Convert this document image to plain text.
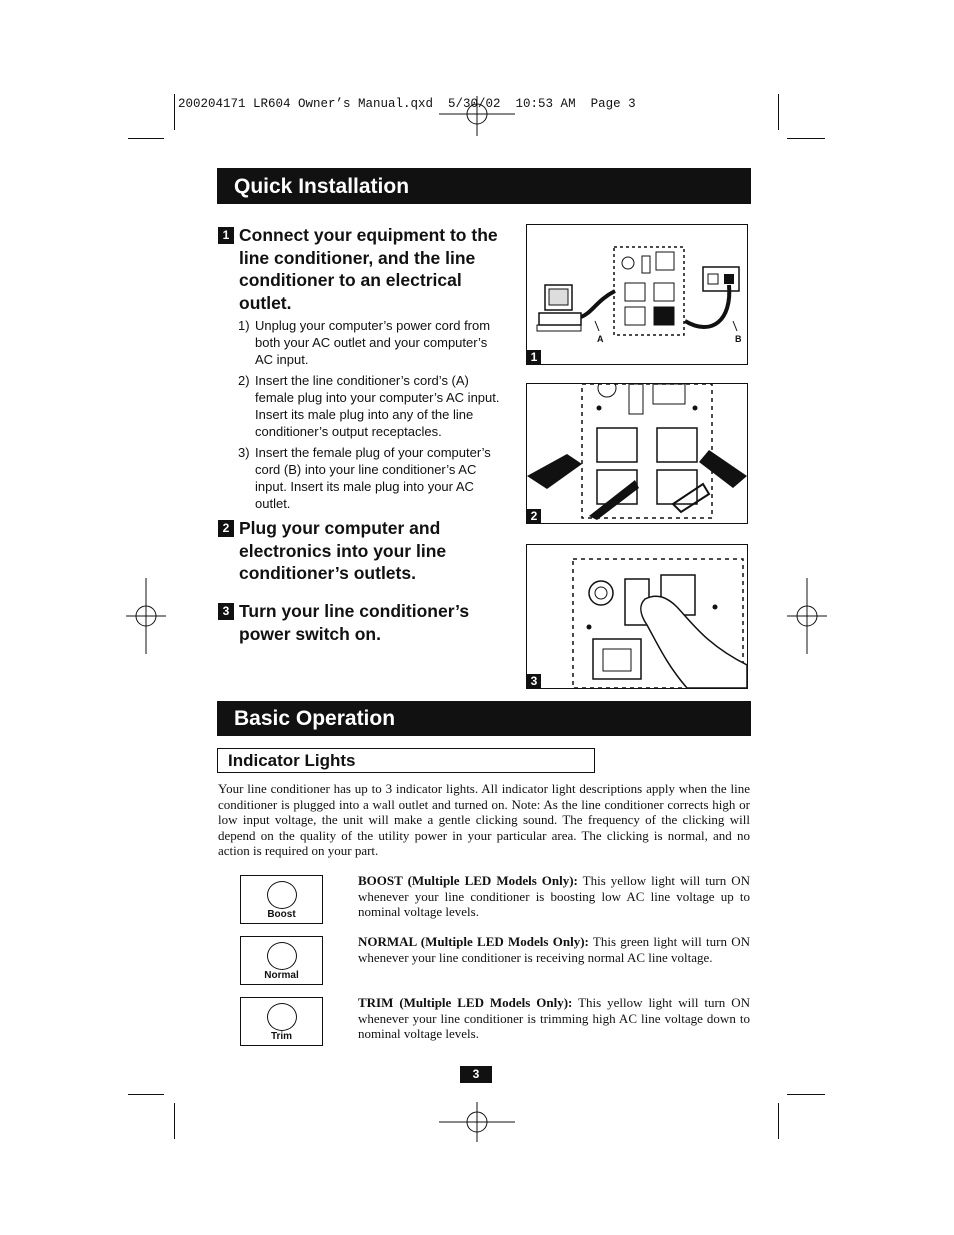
200204171 LR604 Owner’s Manual.qxd  5/30/02  10:53 AM  Page 3
Quick Installation
1 Connect your equipment to the line conditioner, and the line conditioner to an electrical outlet.
1) Unplug your computer’s power cord from both your AC outlet and your computer’s AC input.
2) Insert the line conditioner’s cord’s (A) female plug into your computer’s AC input. Insert its male plug into any of the line conditioner’s output receptacles.
3) Insert the female plug of your computer’s cord (B) into your line conditioner’s AC input. Insert its male plug into your AC outlet.
2 Plug your computer and electronics into your line conditioner’s outlets.
3 Turn your line conditioner’s power switch on.
A	B
1
2
3
Basic Operation
Indicator Lights
Your line conditioner has up to 3 indicator lights. All indicator light descriptions apply when the line conditioner is plugged into a wall outlet and turned on. Note: As the line conditioner corrects high or low input voltage, the unit will make a gentle clicking sound. The frequency of the clicking will depend on the quality of the utility power in your particular area. The clicking is normal, and no action is required on your part.
Boost
BOOST (Multiple LED Models Only): This yellow light will turn ON whenever your line conditioner is boosting low AC line voltage up to nominal voltage levels.
Normal
NORMAL (Multiple LED Models Only): This green light will turn ON whenever your line conditioner is receiving normal AC line voltage.
Trim
TRIM (Multiple LED Models Only): This yellow light will turn ON whenever your line conditioner is trimming high AC line voltage down to nominal voltage levels.
3
